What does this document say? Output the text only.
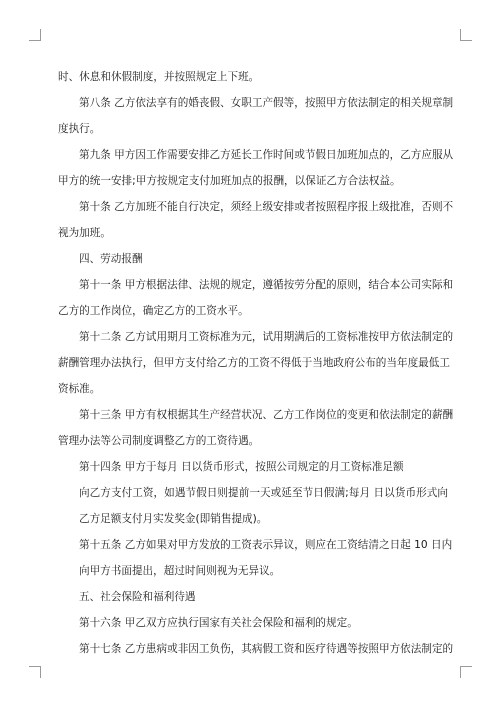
时、休息和休假制度，并按照规定上下班。
第八条 乙方依法享有的婚丧假、女职工产假等，按照甲方依法制定的相关规章制
度执行。
第九条 甲方因工作需要安排乙方延长工作时间或节假日加班加点的，乙方应服从
甲方的统一安排;甲方按规定支付加班加点的报酬，以保证乙方合法权益。
第十条 乙方加班不能自行决定，须经上级安排或者按照程序报上级批准，否则不
视为加班。
四、劳动报酬
第十一条 甲方根据法律、法规的规定，遵循按劳分配的原则，结合本公司实际和
乙方的工作岗位，确定乙方的工资水平。
第十二条 乙方试用期月工资标准为元，试用期满后的工资标准按甲方依法制定的
薪酬管理办法执行，但甲方支付给乙方的工资不得低于当地政府公布的当年度最低工
资标准。
第十三条 甲方有权根据其生产经营状况、乙方工作岗位的变更和依法制定的薪酬
管理办法等公司制度调整乙方的工资待遇。
第十四条 甲方于每月 日以货币形式，按照公司规定的月工资标准足额
向乙方支付工资，如遇节假日则提前一天或延至节日假满;每月 日以货币形式向
乙方足额支付月实发奖金(即销售提成)。
第十五条 乙方如果对甲方发放的工资表示异议，则应在工资结清之日起 10 日内
向甲方书面提出，超过时间则视为无异议。
五、社会保险和福利待遇
第十六条 甲乙双方应执行国家有关社会保险和福利的规定。
第十七条 乙方患病或非因工负伤，其病假工资和医疗待遇等按照甲方依法制定的
